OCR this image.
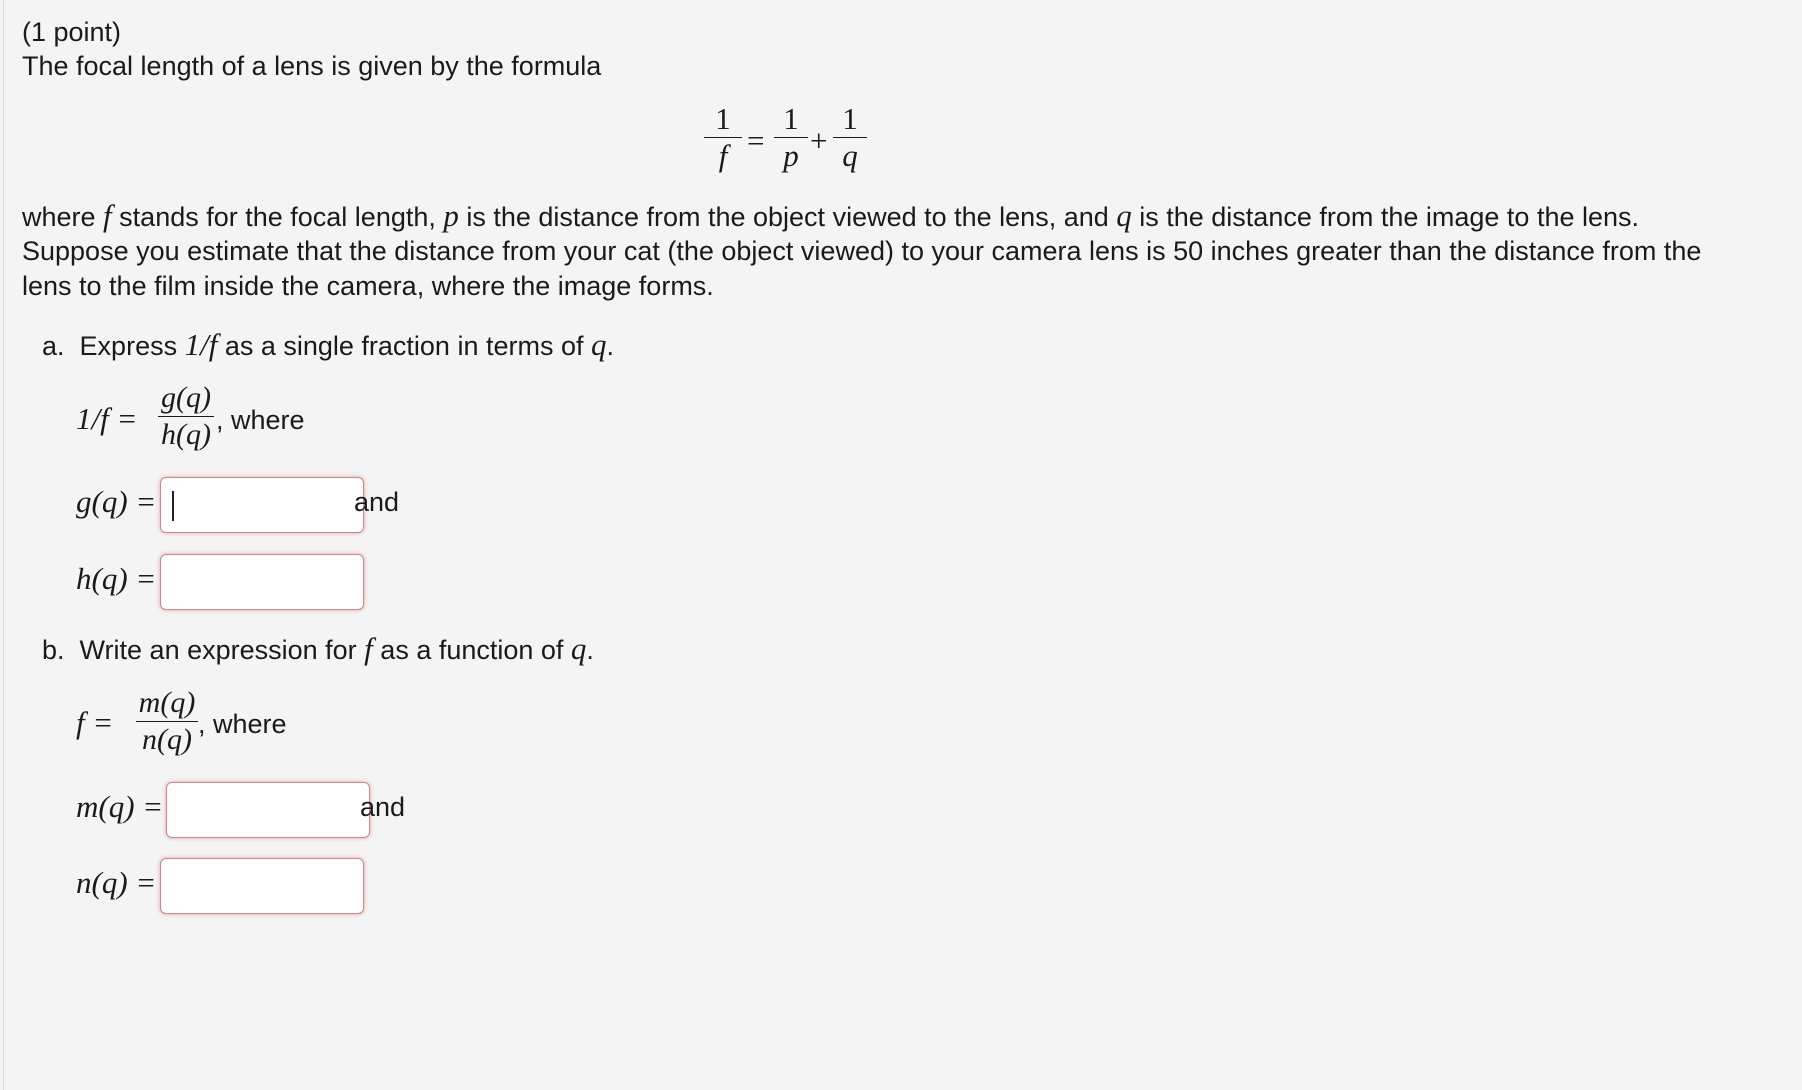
(1 point)
The focal length of a lens is given by the formula
1
f =
1
p +
1
q
where f stands for the focal length, p is the distance from the object viewed to the lens, and q is the distance from the image to the lens.
Suppose you estimate that the distance from your cat (the object viewed) to your camera lens is 50 inches greater than the distance from the
lens to the film inside the camera, where the image forms.
a. Express 1/f as a single fraction in terms of q.
1/f =
g(q)
h(q) , where
g(q) =	and
h(q) =
b. Write an expression for f as a function of q.
f =
m(q)
n(q) , where
m(q) =	and
n(q) =
